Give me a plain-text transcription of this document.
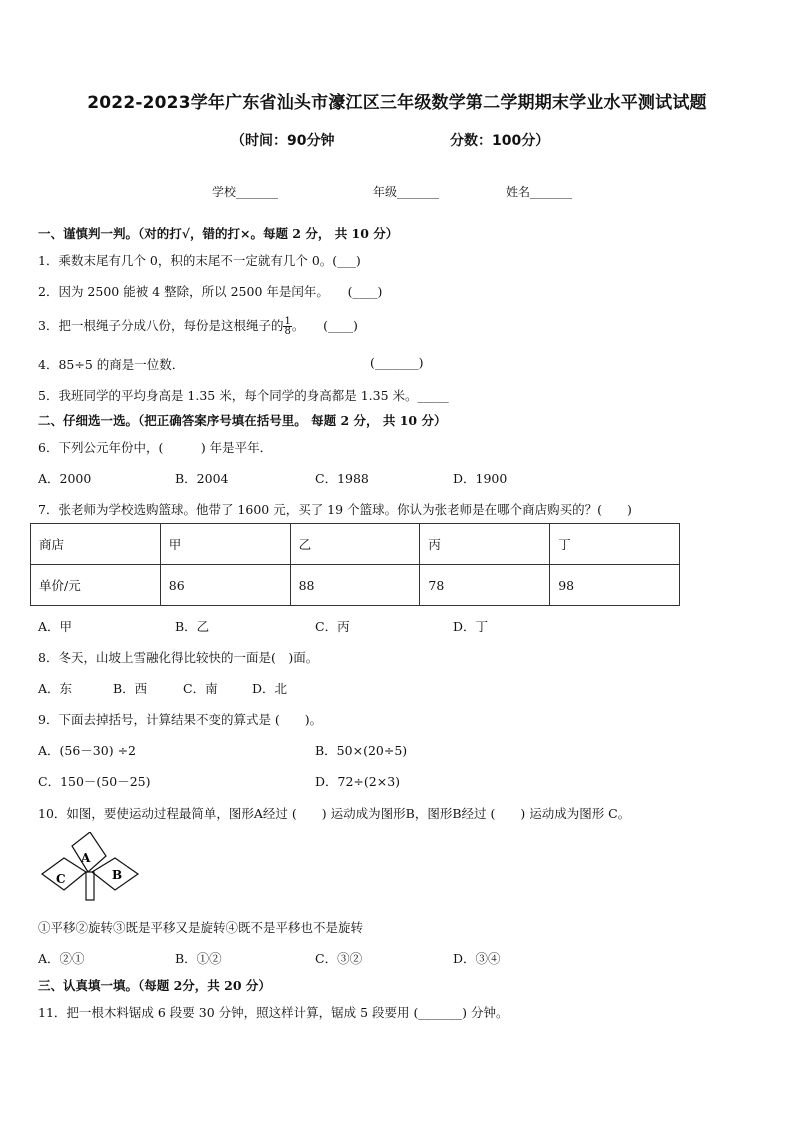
2022-2023学年广东省汕头市濠江区三年级数学第二学期期末学业水平测试试题
（时间：90分钟	分数：100分）
学校_______	年级_______	姓名_______
一、谨慎判一判。（对的打√，错的打×。每题 2 分， 共 10 分）
1．乘数末尾有几个 0，积的末尾不一定就有几个 0。(___)
2．因为 2500 能被 4 整除，所以 2500 年是闰年。　　(____)
3．把一根绳子分成八份，每份是这根绳子的 $\frac{1}{8}$ 。　　(____)
4．85÷5 的商是一位数．	(_______)
5．我班同学的平均身高是 1.35 米，每个同学的身高都是 1.35 米。_____
二、仔细选一选。（把正确答案序号填在括号里。 每题 2 分， 共 10 分）
6．下列公元年份中，(　　　) 年是平年．
A．2000	B．2004	C．1988	D．1900
7．张老师为学校选购篮球。他带了 1600 元，买了 19 个篮球。你认为张老师是在哪个商店购买的？(　　)
商店	甲	乙	丙	丁
单价/元	86	88	78	98
A．甲	B．乙	C．丙	D．丁
8．冬天，山坡上雪融化得比较快的一面是(　)面。
A．东	B．西	C．南	D．北
9．下面去掉括号，计算结果不变的算式是 (　　)。
A．(56－30) ÷2	B．50×(20÷5)
C．150－(50－25)	D．72÷(2×3)
10．如图，要使运动过程最简单，图形A经过 (　　) 运动成为图形B，图形B经过 (　　) 运动成为图形 C。
A
B
C
①平移②旋转③既是平移又是旋转④既不是平移也不是旋转
A．②①	B．①②	C．③②	D．③④
三、认真填一填。（每题 2分，共 20 分）
11．把一根木料锯成 6 段要 30 分钟，照这样计算，锯成 5 段要用 (_______) 分钟。
